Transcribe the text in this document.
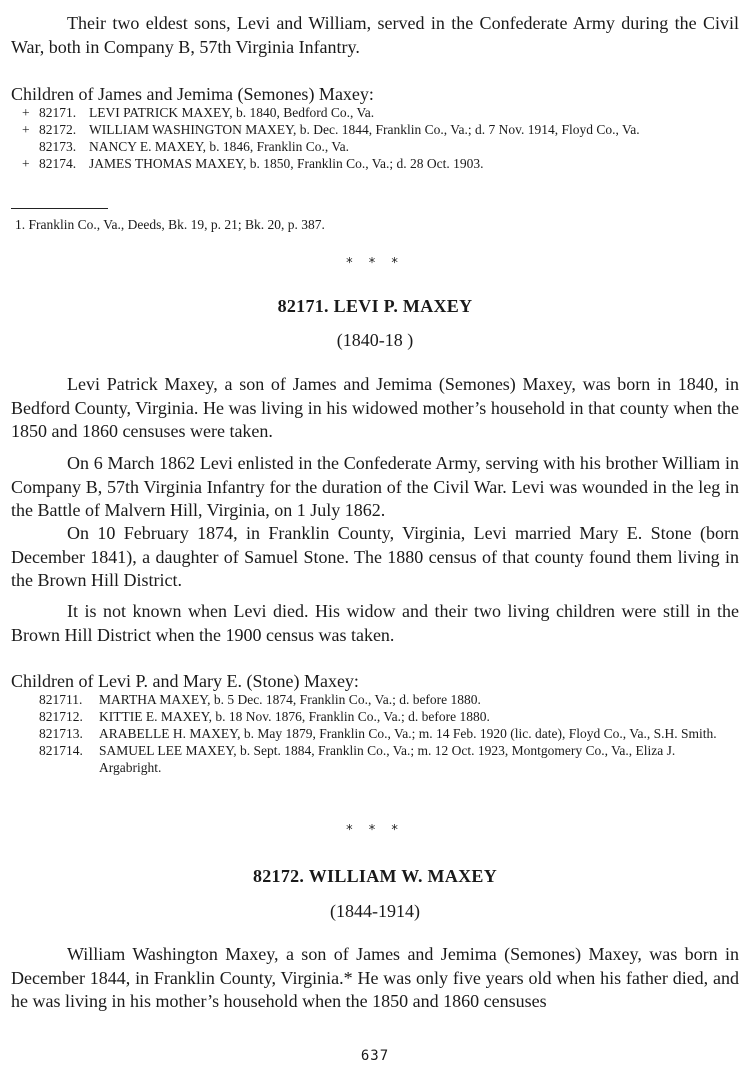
Their two eldest sons, Levi and William, served in the Confederate Army during the Civil War, both in Company B, 57th Virginia Infantry.

Children of James and Jemima (Semones) Maxey:

+ 82171. LEVI PATRICK MAXEY, b. 1840, Bedford Co., Va.
+ 82172. WILLIAM WASHINGTON MAXEY, b. Dec. 1844, Franklin Co., Va.; d. 7 Nov. 1914, Floyd Co., Va.
82173. NANCY E. MAXEY, b. 1846, Franklin Co., Va.
+ 82174. JAMES THOMAS MAXEY, b. 1850, Franklin Co., Va.; d. 28 Oct. 1903.

1. Franklin Co., Va., Deeds, Bk. 19, p. 21; Bk. 20, p. 387.

* * *
82171. LEVI P. MAXEY

(1840-18 )

Levi Patrick Maxey, a son of James and Jemima (Semones) Maxey, was born in 1840, in Bedford County, Virginia. He was living in his widowed mother’s household in that county when the 1850 and 1860 censuses were taken.

On 6 March 1862 Levi enlisted in the Confederate Army, serving with his brother William in Company B, 57th Virginia Infantry for the duration of the Civil War. Levi was wounded in the leg in the Battle of Malvern Hill, Virginia, on 1 July 1862.

On 10 February 1874, in Franklin County, Virginia, Levi married Mary E. Stone (born December 1841), a daughter of Samuel Stone. The 1880 census of that county found them living in the Brown Hill District.

It is not known when Levi died. His widow and their two living children were still in the Brown Hill District when the 1900 census was taken.

Children of Levi P. and Mary E. (Stone) Maxey:

821711. MARTHA MAXEY, b. 5 Dec. 1874, Franklin Co., Va.; d. before 1880.
821712. KITTIE E. MAXEY, b. 18 Nov. 1876, Franklin Co., Va.; d. before 1880.
821713. ARABELLE H. MAXEY, b. May 1879, Franklin Co., Va.; m. 14 Feb. 1920 (lic. date), Floyd Co., Va., S.H. Smith.
821714. SAMUEL LEE MAXEY, b. Sept. 1884, Franklin Co., Va.; m. 12 Oct. 1923, Montgomery Co., Va., Eliza J. Argabright.
* * *
82172. WILLIAM W. MAXEY

(1844-1914)

William Washington Maxey, a son of James and Jemima (Semones) Maxey, was born in December 1844, in Franklin County, Virginia.* He was only five years old when his father died, and he was living in his mother’s household when the 1850 and 1860 censuses

637
